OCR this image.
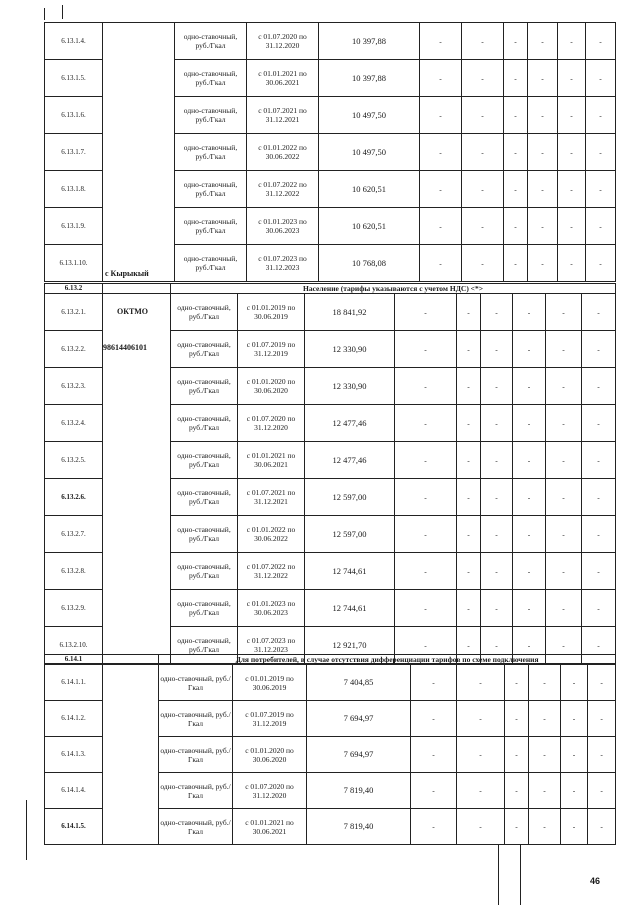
6.13.1.4.		одно-ставочный, руб./Гкал	с 01.07.2020 по 31.12.2020	10 397,88	-	-	-	-	-	-
6.13.1.5.		одно-ставочный, руб./Гкал	с 01.01.2021 по 30.06.2021	10 397,88	-	-	-	-	-	-
6.13.1.6.		одно-ставочный, руб./Гкал	с 01.07.2021 по 31.12.2021	10 497,50	-	-	-	-	-	-
6.13.1.7.		одно-ставочный, руб./Гкал	с 01.01.2022 по 30.06.2022	10 497,50	-	-	-	-	-	-
6.13.1.8.		одно-ставочный, руб./Гкал	с 01.07.2022 по 31.12.2022	10 620,51	-	-	-	-	-	-
6.13.1.9.		одно-ставочный, руб./Гкал	с 01.01.2023 по 30.06.2023	10 620,51	-	-	-	-	-	-
6.13.1.10.		одно-ставочный, руб./Гкал	с 01.07.2023 по 31.12.2023	10 768,08	-	-	-	-	-	-
6.13.2		Население (тарифы указываются с учетом НДС) <*>								
6.13.2.1.		одно-ставочный, руб./Гкал	с 01.01.2019 по 30.06.2019	18 841,92	-	-	-	-	-	-
6.13.2.2.		одно-ставочный, руб./Гкал	с 01.07.2019 по 31.12.2019	12 330,90	-	-	-	-	-	-
6.13.2.3.		одно-ставочный, руб./Гкал	с 01.01.2020 по 30.06.2020	12 330,90	-	-	-	-	-	-
6.13.2.4.		одно-ставочный, руб./Гкал	с 01.07.2020 по 31.12.2020	12 477,46	-	-	-	-	-	-
6.13.2.5.		одно-ставочный, руб./Гкал	с 01.01.2021 по 30.06.2021	12 477,46	-	-	-	-	-	-
6.13.2.6.		одно-ставочный, руб./Гкал	с 01.07.2021 по 31.12.2021	12 597,00	-	-	-	-	-	-
6.13.2.7.		одно-ставочный, руб./Гкал	с 01.01.2022 по 30.06.2022	12 597,00	-	-	-	-	-	-
6.13.2.8.		одно-ставочный, руб./Гкал	с 01.07.2022 по 31.12.2022	12 744,61	-	-	-	-	-	-
6.13.2.9.		одно-ставочный, руб./Гкал	с 01.01.2023 по 30.06.2023	12 744,61	-	-	-	-	-	-
6.13.2.10.		одно-ставочный, руб./Гкал	с 01.07.2023 по 31.12.2023	12 921,70	-	-	-	-	-	-
6.14.1		Для потребителей, в случае отсутствия дифференциации тарифов по схеме подключения								
6.14.1.1.		одно-ставочный, руб./Гкал	с 01.01.2019 по 30.06.2019	7 404,85	-	-	-	-	-	-
6.14.1.2.		одно-ставочный, руб./Гкал	с 01.07.2019 по 31.12.2019	7 694,97	-	-	-	-	-	-
6.14.1.3.		одно-ставочный, руб./Гкал	с 01.01.2020 по 30.06.2020	7 694,97	-	-	-	-	-	-
6.14.1.4.		одно-ставочный, руб./Гкал	с 01.07.2020 по 31.12.2020	7 819,40	-	-	-	-	-	-
6.14.1.5.		одно-ставочный, руб./Гкал	с 01.01.2021 по 30.06.2021	7 819,40	-	-	-	-	-	-
с Кырыкый
ОКТМО
98614406101
46
